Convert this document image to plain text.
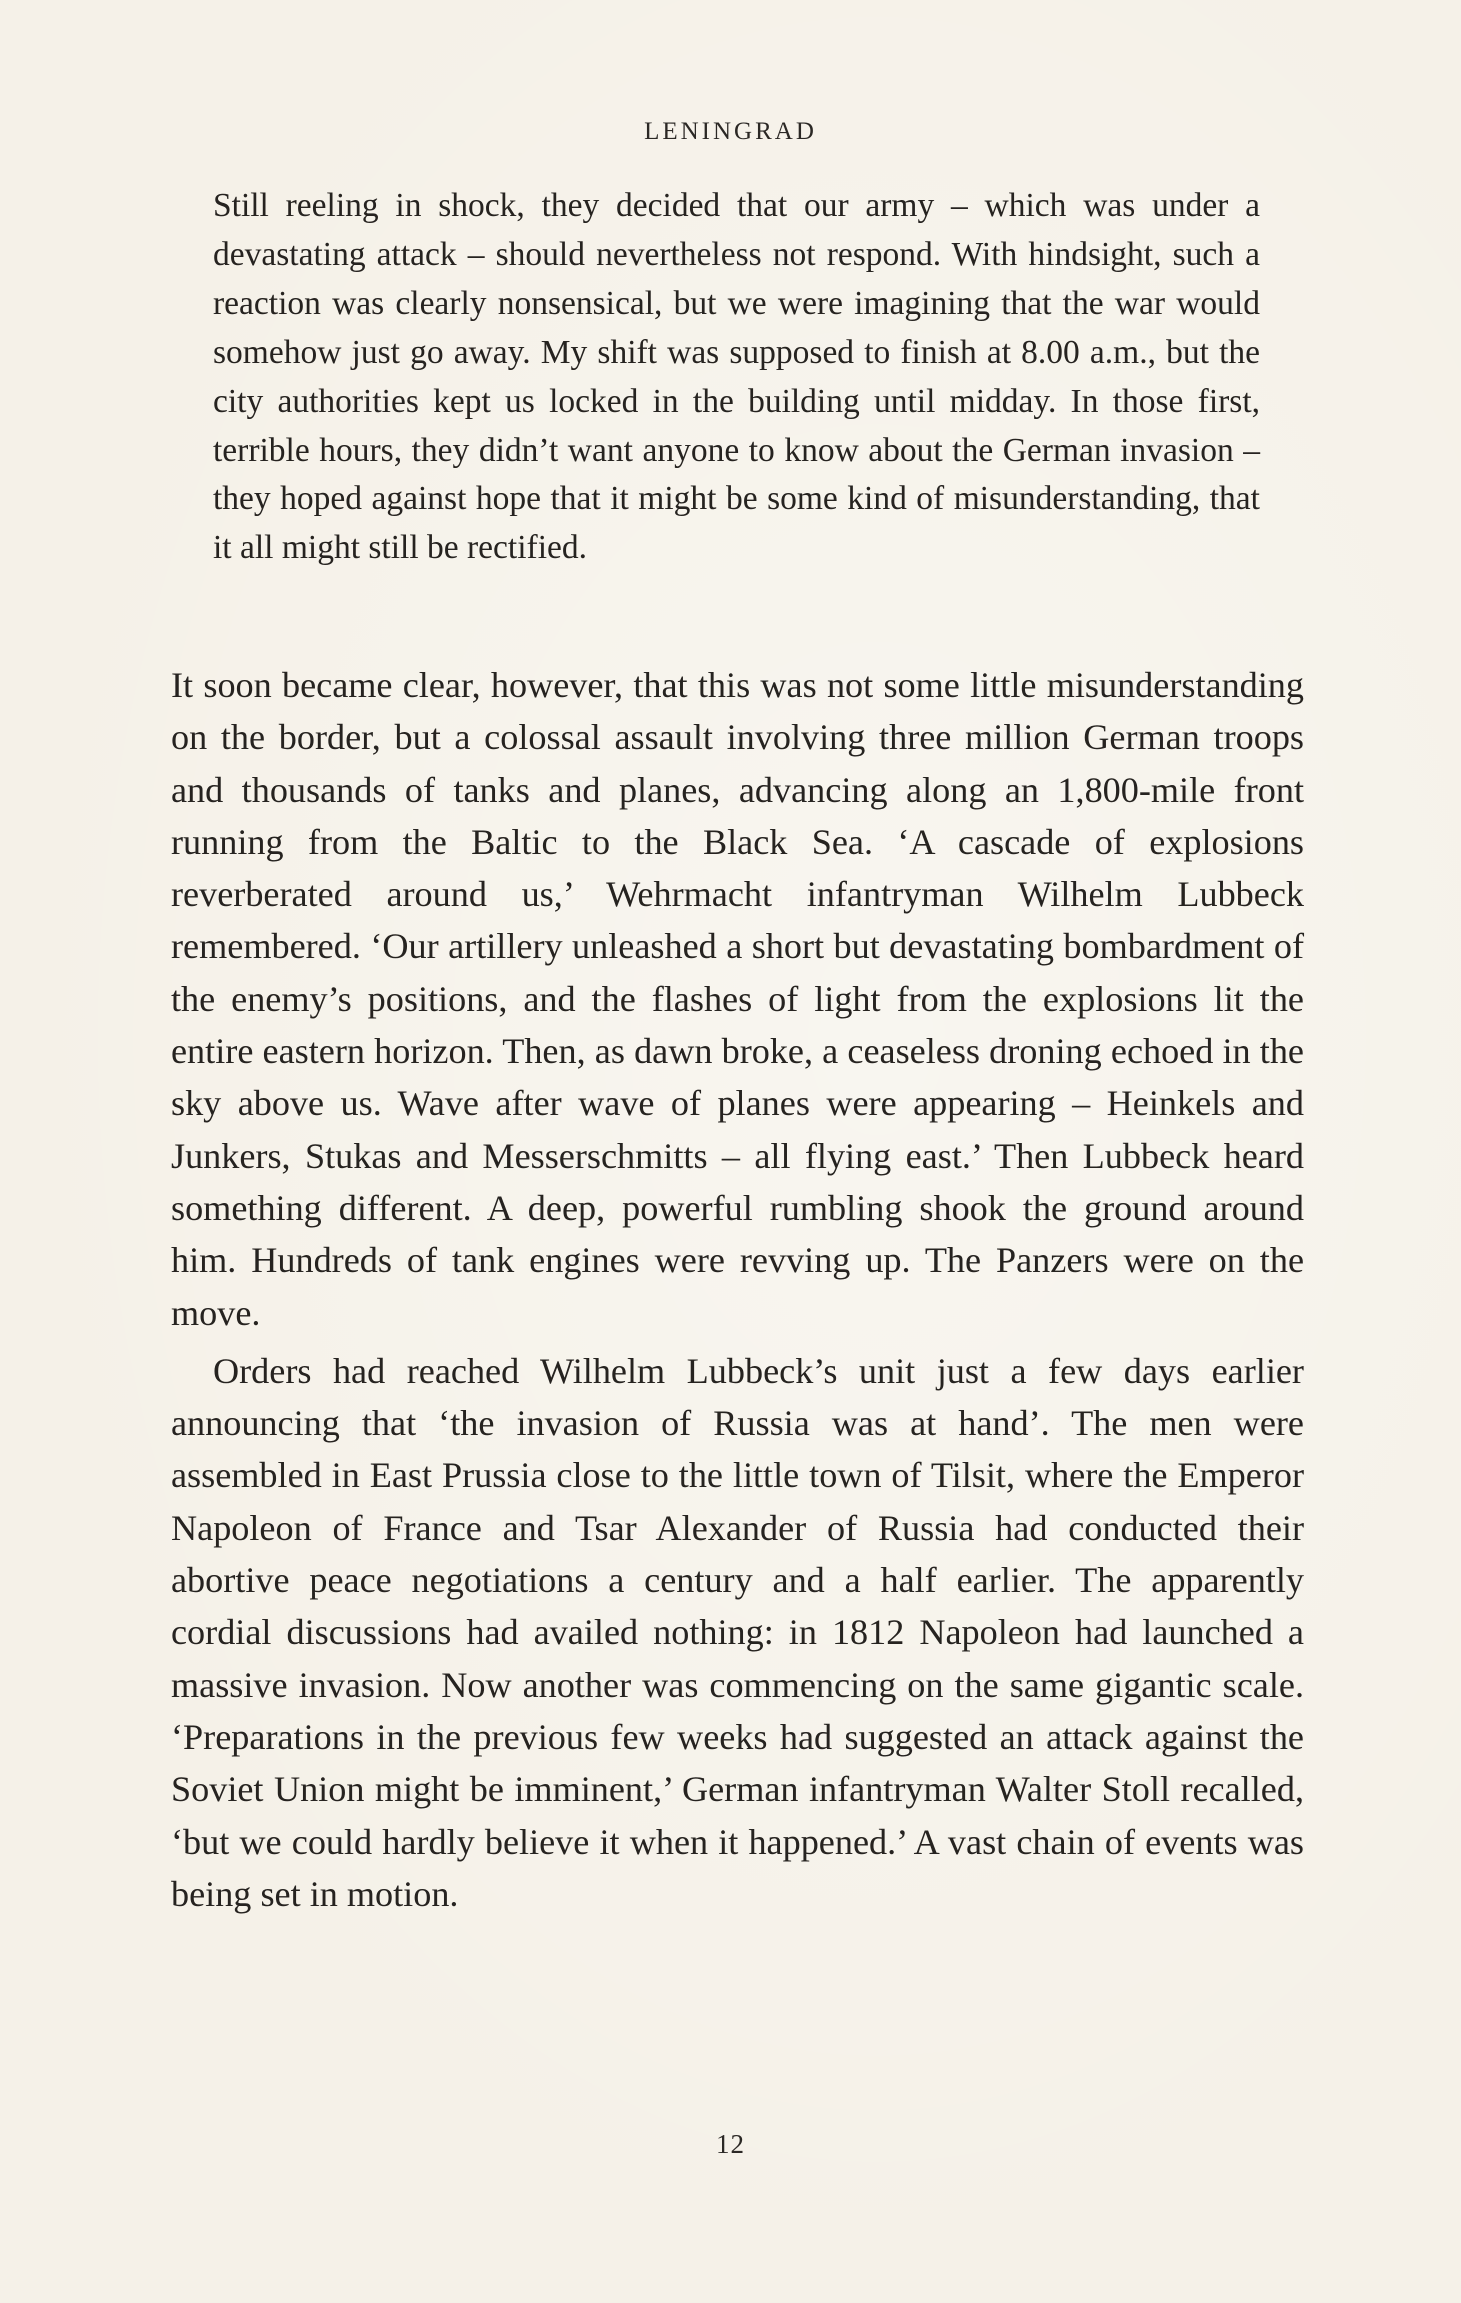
LENINGRAD

Still reeling in shock, they decided that our army – which was under a devastating attack – should nevertheless not respond. With hindsight, such a reaction was clearly nonsensical, but we were imagining that the war would somehow just go away. My shift was supposed to finish at 8.00 a.m., but the city authorities kept us locked in the building until midday. In those first, terrible hours, they didn’t want anyone to know about the German invasion – they hoped against hope that it might be some kind of misunderstanding, that it all might still be rectified.

It soon became clear, however, that this was not some little misunderstanding on the border, but a colossal assault involving three million German troops and thousands of tanks and planes, advancing along an 1,800-mile front running from the Baltic to the Black Sea. ‘A cascade of explosions reverberated around us,’ Wehrmacht infantryman Wilhelm Lubbeck remembered. ‘Our artillery unleashed a short but devastating bombardment of the enemy’s positions, and the flashes of light from the explosions lit the entire eastern horizon. Then, as dawn broke, a ceaseless droning echoed in the sky above us. Wave after wave of planes were appearing – Heinkels and Junkers, Stukas and Messerschmitts – all flying east.’ Then Lubbeck heard something different. A deep, powerful rumbling shook the ground around him. Hundreds of tank engines were revving up. The Panzers were on the move.

Orders had reached Wilhelm Lubbeck’s unit just a few days earlier announcing that ‘the invasion of Russia was at hand’. The men were assembled in East Prussia close to the little town of Tilsit, where the Emperor Napoleon of France and Tsar Alexander of Russia had conducted their abortive peace negotiations a century and a half earlier. The apparently cordial discussions had availed nothing: in 1812 Napoleon had launched a massive invasion. Now another was commencing on the same gigantic scale. ‘Preparations in the previous few weeks had suggested an attack against the Soviet Union might be imminent,’ German infantryman Walter Stoll recalled, ‘but we could hardly believe it when it happened.’ A vast chain of events was being set in motion.

12
